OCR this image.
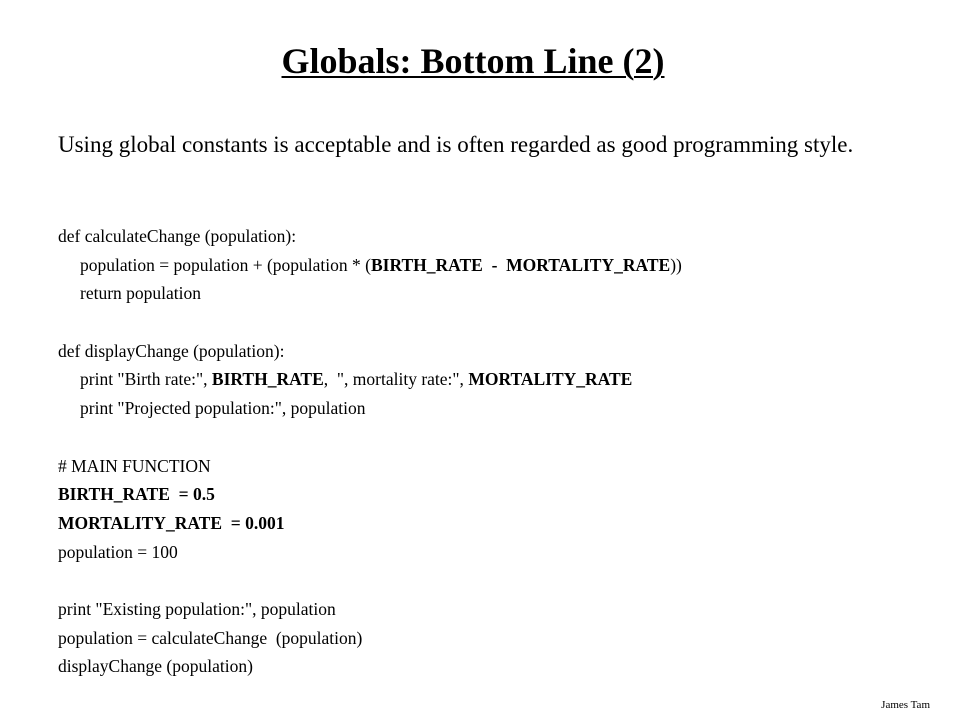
Globals: Bottom Line (2)
Using global constants is acceptable and is often regarded as good programming style.
def calculateChange (population):
population = population + (population * (BIRTH_RATE  -  MORTALITY_RATE))
return population
def displayChange (population):
print "Birth rate:", BIRTH_RATE,  ", mortality rate:", MORTALITY_RATE
print "Projected population:", population
# MAIN FUNCTION
BIRTH_RATE  = 0.5
MORTALITY_RATE  = 0.001
population = 100
print "Existing population:", population
population = calculateChange  (population)
displayChange (population)
James Tam
